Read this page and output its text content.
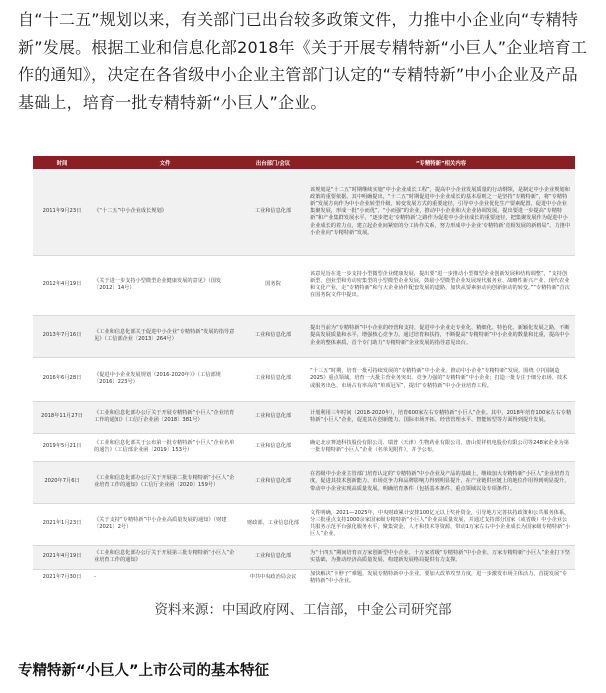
自“十二五”规划以来，有关部门已出台较多政策文件，力推中小企业向“专精特新”发展。根据工业和信息化部2018年《关于开展专精特新“小巨人”企业培育工作的通知》，决定在各省级中小企业主管部门认定的“专精特新”中小企业及产品基础上，培育一批专精特新“小巨人”企业。
时间	文件	出台部门/会议	“专精特新”相关内容
2011年9月23日	《“十二五”中小企业成长规划》	工业和信息化部	该规划是“十二五”时期继续实施“中小企业成长工程”，提高中小企业发展质量的行动纲领，是制定中小企业规划和政策的重要依据。其中明确提出，“十二五”时期促进中小企业成长的基本原则之一是坚持“专精特新”，将“专精特新”发展方向作为中小企业转型升级、转变发展方式的重要途径，引导中小企业优化生产要素配置，促进中小企业集聚发展，形成一批“小而优”、“小而强”的企业，推动中小企业和大企业协调发展。提出要进一步提高“专精特新”和产业集群发展水平，“逐步把走‘专精特新’之路作为促进中小企业成长的重要途径，把集聚发展作为促进中小企业成长的着力点，建立起企业间紧密的分工协作关系，努力形成中小企业‘专精特新’竞相发展的新格局”。力推中小企业向“专精特新”发展。
2012年4月19日	《关于进一步支持小型微型企业健康发展的意见》（国发〔2012〕14号）	国务院	该意见旨在进一步支持小型微型企业健康发展，提出要“进一步推动小型微型企业创新发展和结构调整”，“支持创新型、创业型和劳动密集型的小型微型企业发展，鼓励小型微型企业发展现代服务业、战略性新兴产业、现代农业和文化产业，走“专精特新”和与大企业协作配套发展的道路，加快从要素驱动向创新驱动的转变。”“专精特新”首次在国务院文件中提出。
2013年7月16日	《工业和信息化部关于促进中小企业“专精特新”发展的指导意见》（工信部企业〔2013〕264号）	工业和信息化部	提出当前为“专精特新”中小企业的经营和支持，促进中小企业走专业化、精细化、特色化、新颖化发展之路，不断提高发展质量和水平，增强核心竞争力，通过培育和扶持，不断提高“专精特新”中小企业的数量和比重，提高中小企业的整体素质。首个专门助力“专精特新”企业发展的指导意见出台。
2016年6月28日	《促进中小企业发展规划（2016-2020年）》（工信部规〔2016〕223号）	工业和信息化部	“十三五”时期，培育一批可持续发展的“专精特新”中小企业。推动中小企业“专精特新”发展。围绕《中国制造2025》重点领域，培育一大批主营业务突出、竞争力强的“专精特新”中小企业；打造一批专注于细分市场、技术或服务出色、市场占有率高的“单项冠军”，提出“专精特新”中小企业培育工程。
2018年11月27日	《工业和信息化部办公厅关于开展专精特新“小巨人”企业培育工作的通知》（工信厅企业函〔2018〕381号）	工业和信息化部	计划利用三年时间（2018-2020年），培育600家左右专精特新“小巨人”企业。其中，2018年培育100家左右专精特新“小巨人”企业，促进其在创新能力、国际市场开拓、经营管理水平、智能转型等方面得到提升发展。
2019年5月21日	《工业和信息化部关于公布第一批专精特新“小巨人”企业名单的通告》（工信部企业函〔2019〕153号）	工业和信息化部	确定北京赛迪科技股份有限公司、瑞普（天津）生物药业有限公司、唐山贺祥机电股份有限公司等248家企业为第一批专精特新“小巨人”企业（名单见附件），并予公布。
2020年7月6日	《工业和信息化部办公厅关于开展第二批专精特新“小巨人”企业培育工作的通知》（工信厅企业函〔2020〕159号）	工业和信息化部	在省级中小企业主管部门培育认定的“专精特新”中小企业及产品的基础上，继续加大专精特新“小巨人”企业培育力度，促进其技术创新能力、市场竞争力和品牌影响力得到明显提升，在产业链供应链上的地位作用得到明显提升，带动中小企业实现高质量发展。明确培育条件（包括基本条件、重点领域以及专项条件）。
2021年1月23日	《关于支持“专精特新”中小企业高质量发展的通知》（财建〔2021〕2号）	财政部、工业信息化部	文件明确，2021—2025年，中央财政累计安排100亿元以上奖补资金，引导地方完善扶持政策和公共服务体系，分三批重点支持1000余家国家级专精特新“小巨人”企业高质量发展，并通过支持部分国家（或省级）中小企业公共服务示范平台强化服务水平，聚集资金、人才和技术等资源，带动1万家左右中小企业成长为国家级专精特新“小巨人”企业。
2021年4月19日	《工业和信息化部办公厅关于开展第三批专精特新“小巨人”企业培育工作的通知》	工业和信息化部	为“十四五”期间培育百万家创新型中小企业、十万家省级“专精特新”中小企业、万家专精特新“小巨人”企业打下坚实基础，为推动经济高质量发展、构建新发展格局提供有力支撑。
2021年7月30日	-	中共中央政治局会议	加快解决“卡脖子”难题，发展专精特新中小企业。要加大改革攻坚力度，进一步激发市场主体活力，首提发展“专精特新”中小企业。
资料来源：中国政府网、工信部，中金公司研究部
专精特新“小巨人”上市公司的基本特征
